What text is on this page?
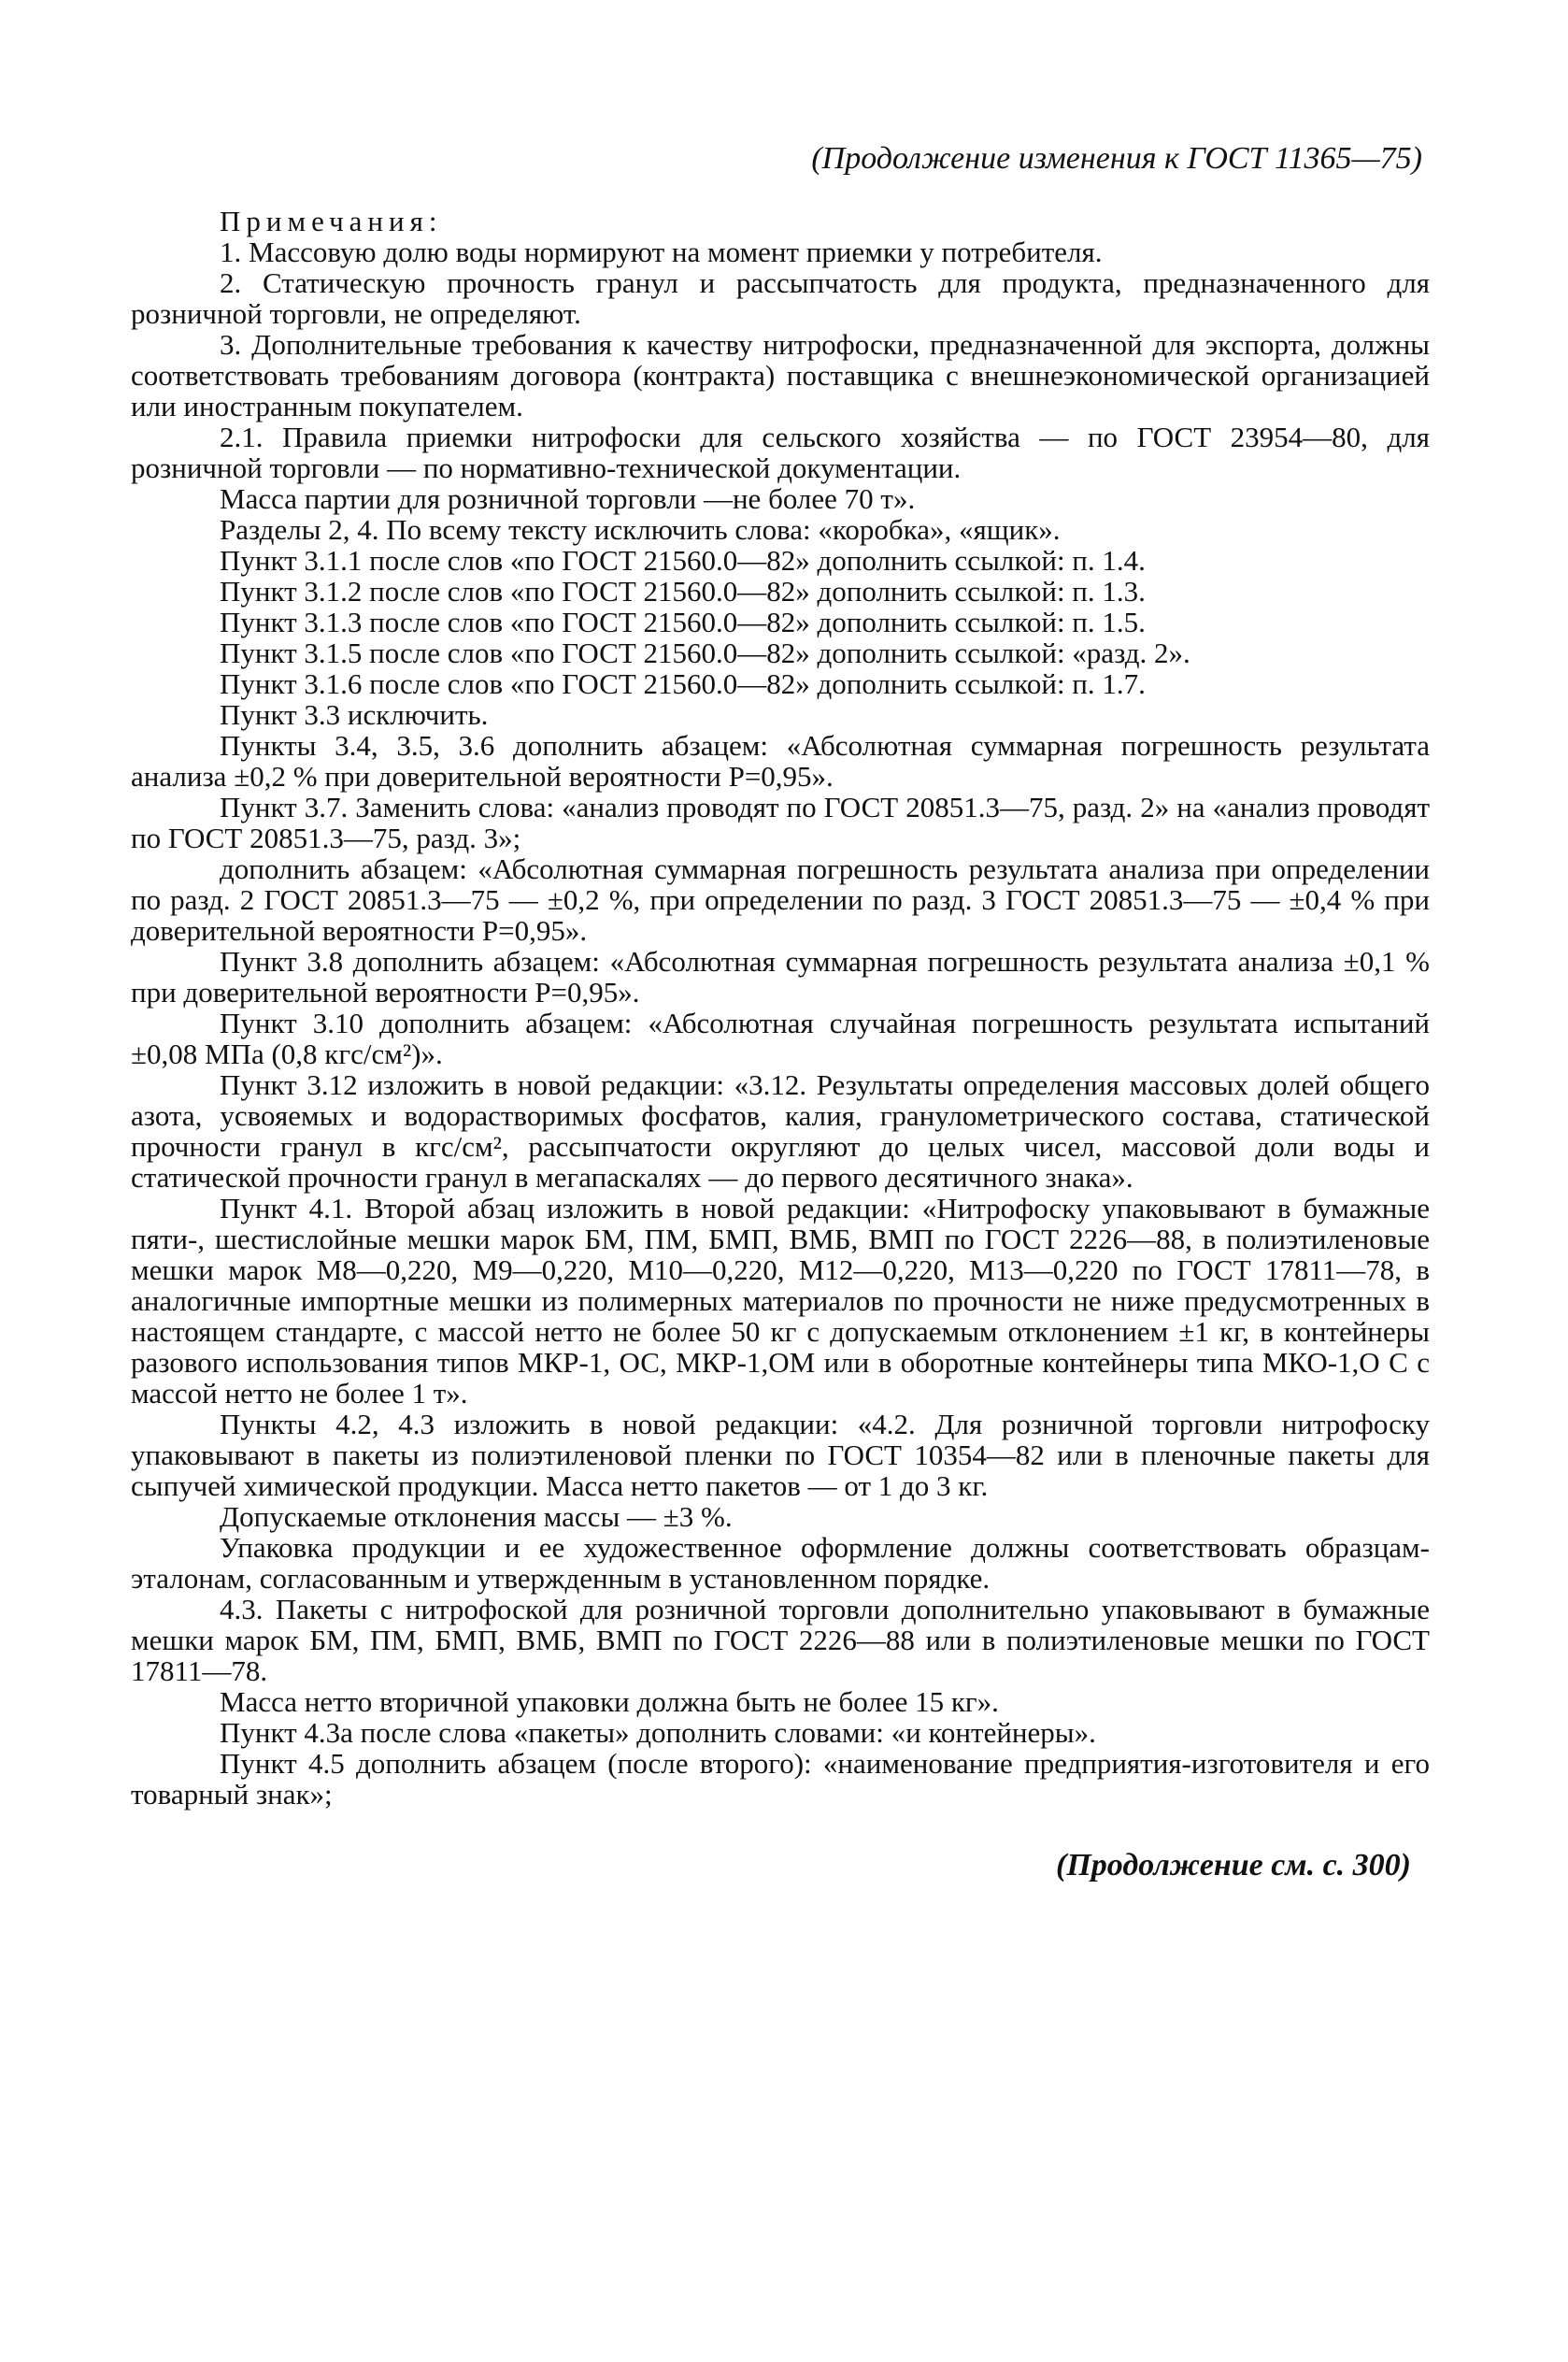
(Продолжение изменения к ГОСТ 11365—75)

Примечания:

1. Массовую долю воды нормируют на момент приемки у потребителя.

2. Статическую прочность гранул и рассыпчатость для продукта, предназначенного для розничной торговли, не определяют.

3. Дополнительные требования к качеству нитрофоски, предназначенной для экспорта, должны соответствовать требованиям договора (контракта) поставщика с внешнеэкономической организацией или иностранным покупателем.

2.1. Правила приемки нитрофоски для сельского хозяйства — по ГОСТ 23954—80, для розничной торговли — по нормативно-технической документации.

Масса партии для розничной торговли —не более 70 т».

Разделы 2, 4. По всему тексту исключить слова: «коробка», «ящик».

Пункт 3.1.1 после слов «по ГОСТ 21560.0—82» дополнить ссылкой: п. 1.4.

Пункт 3.1.2 после слов «по ГОСТ 21560.0—82» дополнить ссылкой: п. 1.3.

Пункт 3.1.3 после слов «по ГОСТ 21560.0—82» дополнить ссылкой: п. 1.5.

Пункт 3.1.5 после слов «по ГОСТ 21560.0—82» дополнить ссылкой: «разд. 2».

Пункт 3.1.6 после слов «по ГОСТ 21560.0—82» дополнить ссылкой: п. 1.7.

Пункт 3.3 исключить.

Пункты 3.4, 3.5, 3.6 дополнить абзацем: «Абсолютная суммарная погрешность результата анализа ±0,2 % при доверительной вероятности P=0,95».

Пункт 3.7. Заменить слова: «анализ проводят по ГОСТ 20851.3—75, разд. 2» на «анализ проводят по ГОСТ 20851.3—75, разд. 3»;

дополнить абзацем: «Абсолютная суммарная погрешность результата анализа при определении по разд. 2 ГОСТ 20851.3—75 — ±0,2 %, при определении по разд. 3 ГОСТ 20851.3—75 — ±0,4 % при доверительной вероятности P=0,95».

Пункт 3.8 дополнить абзацем: «Абсолютная суммарная погрешность результата анализа ±0,1 % при доверительной вероятности P=0,95».

Пункт 3.10 дополнить абзацем: «Абсолютная случайная погрешность результата испытаний ±0,08 МПа (0,8 кгс/см²)».

Пункт 3.12 изложить в новой редакции: «3.12. Результаты определения массовых долей общего азота, усвояемых и водорастворимых фосфатов, калия, гранулометрического состава, статической прочности гранул в кгс/см², рассыпчатости округляют до целых чисел, массовой доли воды и статической прочности гранул в мегапаскалях — до первого десятичного знака».

Пункт 4.1. Второй абзац изложить в новой редакции: «Нитрофоску упаковывают в бумажные пяти-, шестислойные мешки марок БМ, ПМ, БМП, ВМБ, ВМП по ГОСТ 2226—88, в полиэтиленовые мешки марок М8—0,220, М9—0,220, М10—0,220, М12—0,220, М13—0,220 по ГОСТ 17811—78, в аналогичные импортные мешки из полимерных материалов по прочности не ниже предусмотренных в настоящем стандарте, с массой нетто не более 50 кг с допускаемым отклонением ±1 кг, в контейнеры разового использования типов МКР-1, ОС, МКР-1,ОМ или в оборотные контейнеры типа МКО-1,О С с массой нетто не более 1 т».

Пункты 4.2, 4.3 изложить в новой редакции: «4.2. Для розничной торговли нитрофоску упаковывают в пакеты из полиэтиленовой пленки по ГОСТ 10354—82 или в пленочные пакеты для сыпучей химической продукции. Масса нетто пакетов — от 1 до 3 кг.

Допускаемые отклонения массы — ±3 %.

Упаковка продукции и ее художественное оформление должны соответствовать образцам-эталонам, согласованным и утвержденным в установленном порядке.

4.3. Пакеты с нитрофоской для розничной торговли дополнительно упаковывают в бумажные мешки марок БМ, ПМ, БМП, ВМБ, ВМП по ГОСТ 2226—88 или в полиэтиленовые мешки по ГОСТ 17811—78.

Масса нетто вторичной упаковки должна быть не более 15 кг».

Пункт 4.3а после слова «пакеты» дополнить словами: «и контейнеры».

Пункт 4.5 дополнить абзацем (после второго): «наименование предприятия-изготовителя и его товарный знак»;

(Продолжение см. с. 300)
